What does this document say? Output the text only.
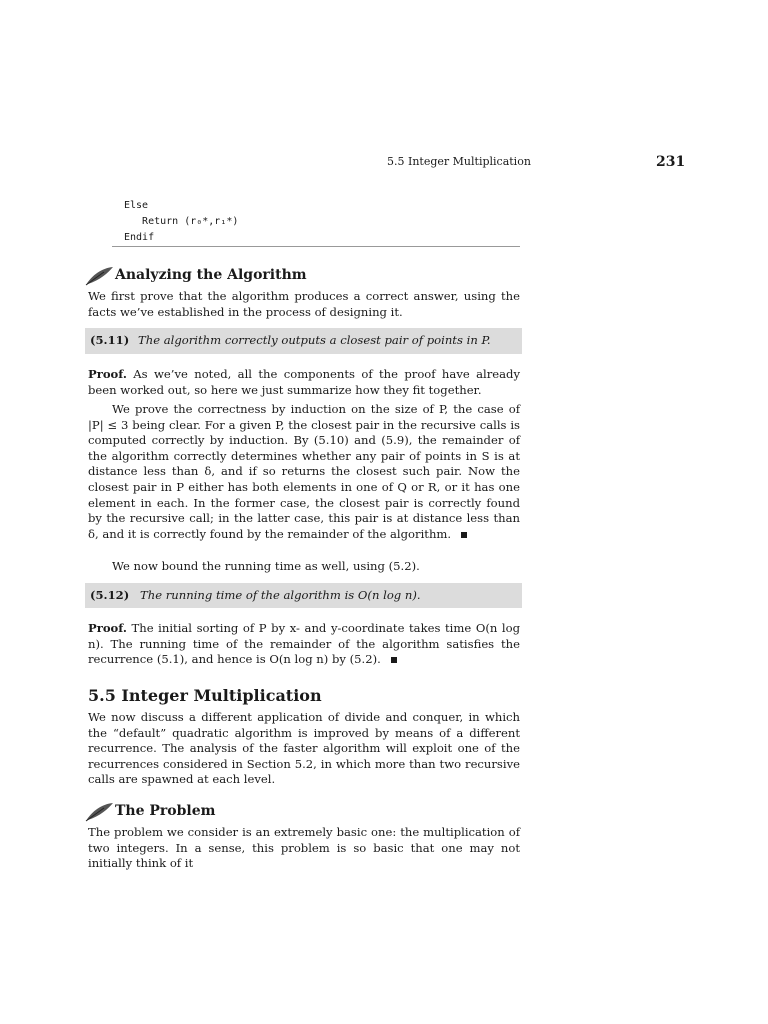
5.5 Integer Multiplication	231
Else
Return (r₀*,r₁*)
Endif
Analyzing the Algorithm
We first prove that the algorithm produces a correct answer, using the facts we’ve established in the process of designing it.
(5.11) The algorithm correctly outputs a closest pair of points in P.
Proof. As we’ve noted, all the components of the proof have already been worked out, so here we just summarize how they fit together.
We prove the correctness by induction on the size of P, the case of |P| ≤ 3 being clear. For a given P, the closest pair in the recursive calls is computed correctly by induction. By (5.10) and (5.9), the remainder of the algorithm correctly determines whether any pair of points in S is at distance less than δ, and if so returns the closest such pair. Now the closest pair in P either has both elements in one of Q or R, or it has one element in each. In the former case, the closest pair is correctly found by the recursive call; in the latter case, this pair is at distance less than δ, and it is correctly found by the remainder of the algorithm.
We now bound the running time as well, using (5.2).
(5.12) The running time of the algorithm is O(n log n).
Proof. The initial sorting of P by x- and y-coordinate takes time O(n log n). The running time of the remainder of the algorithm satisfies the recurrence (5.1), and hence is O(n log n) by (5.2).
5.5 Integer Multiplication
We now discuss a different application of divide and conquer, in which the “default” quadratic algorithm is improved by means of a different recurrence. The analysis of the faster algorithm will exploit one of the recurrences considered in Section 5.2, in which more than two recursive calls are spawned at each level.
The Problem
The problem we consider is an extremely basic one: the multiplication of two integers. In a sense, this problem is so basic that one may not initially think of it
